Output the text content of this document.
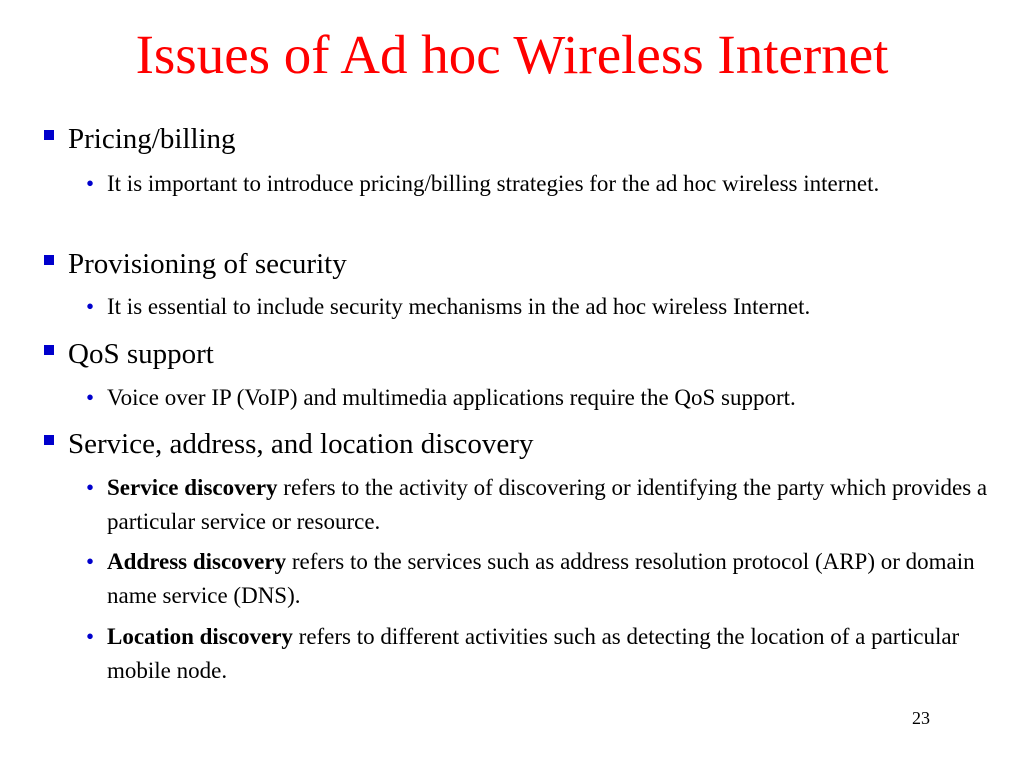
Issues of Ad hoc Wireless Internet
Pricing/billing
• It is important to introduce pricing/billing strategies for the ad hoc wireless internet.
Provisioning of security
• It is essential to include security mechanisms in the ad hoc wireless Internet.
QoS support
• Voice over IP (VoIP) and multimedia applications require the QoS support.
Service, address, and location discovery
• Service discovery refers to the activity of discovering or identifying the party which provides a particular service or resource.
• Address discovery refers to the services such as address resolution protocol (ARP) or domain name service (DNS).
• Location discovery refers to different activities such as detecting the location of a particular mobile node.
23
